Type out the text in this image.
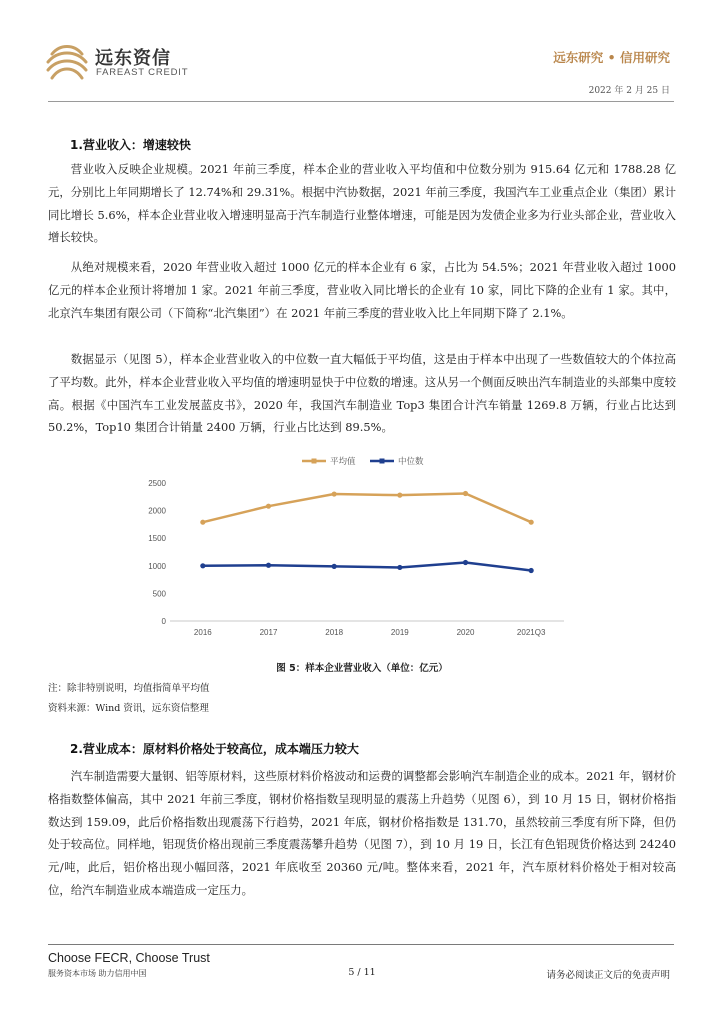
远东资信
FAREAST CREDIT
远东研究 • 信用研究
2022 年 2 月 25 日
1.营业收入：增速较快

营业收入反映企业规模。2021 年前三季度，样本企业的营业收入平均值和中位数分别为 915.64 亿元和 1788.28 亿元，分别比上年同期增长了 12.74%和 29.31%。根据中汽协数据，2021 年前三季度，我国汽车工业重点企业（集团）累计同比增长 5.6%，样本企业营业收入增速明显高于汽车制造行业整体增速，可能是因为发债企业多为行业头部企业，营业收入增长较快。

从绝对规模来看，2020 年营业收入超过 1000 亿元的样本企业有 6 家，占比为 54.5%；2021 年营业收入超过 1000 亿元的样本企业预计将增加 1 家。2021 年前三季度，营业收入同比增长的企业有 10 家，同比下降的企业有 1 家。其中，北京汽车集团有限公司（下简称“北汽集团”）在 2021 年前三季度的营业收入比上年同期下降了 2.1%。

数据显示（见图 5），样本企业营业收入的中位数一直大幅低于平均值，这是由于样本中出现了一些数值较大的个体拉高了平均数。此外，样本企业营业收入平均值的增速明显快于中位数的增速。这从另一个侧面反映出汽车制造业的头部集中度较高。根据《中国汽车工业发展蓝皮书》，2020 年，我国汽车制造业 Top3 集团合计汽车销量 1269.8 万辆，行业占比达到 50.2%，Top10 集团合计销量 2400 万辆，行业占比达到 89.5%。

0
500
1000
1500
2000
2500
2016	2017	2018	2019	2020	2021Q3
平均值	中位数
图 5：样本企业营业收入（单位：亿元）
注：除非特别说明，均值指简单平均值
资料来源：Wind 资讯，远东资信整理
2.营业成本：原材料价格处于较高位，成本端压力较大

汽车制造需要大量钢、铝等原材料，这些原材料价格波动和运费的调整都会影响汽车制造企业的成本。2021 年，钢材价格指数整体偏高，其中 2021 年前三季度，钢材价格指数呈现明显的震荡上升趋势（见图 6），到 10 月 15 日，钢材价格指数达到 159.09，此后价格指数出现震荡下行趋势，2021 年底，钢材价格指数是 131.70，虽然较前三季度有所下降，但仍处于较高位。同样地，铝现货价格出现前三季度震荡攀升趋势（见图 7），到 10 月 19 日，长江有色铝现货价格达到 24240 元/吨，此后，铝价格出现小幅回落，2021 年底收至 20360 元/吨。整体来看，2021 年，汽车原材料价格处于相对较高位，给汽车制造业成本端造成一定压力。

Choose FECR, Choose Trust
服务资本市场 助力信用中国	5 / 11	请务必阅读正文后的免责声明
